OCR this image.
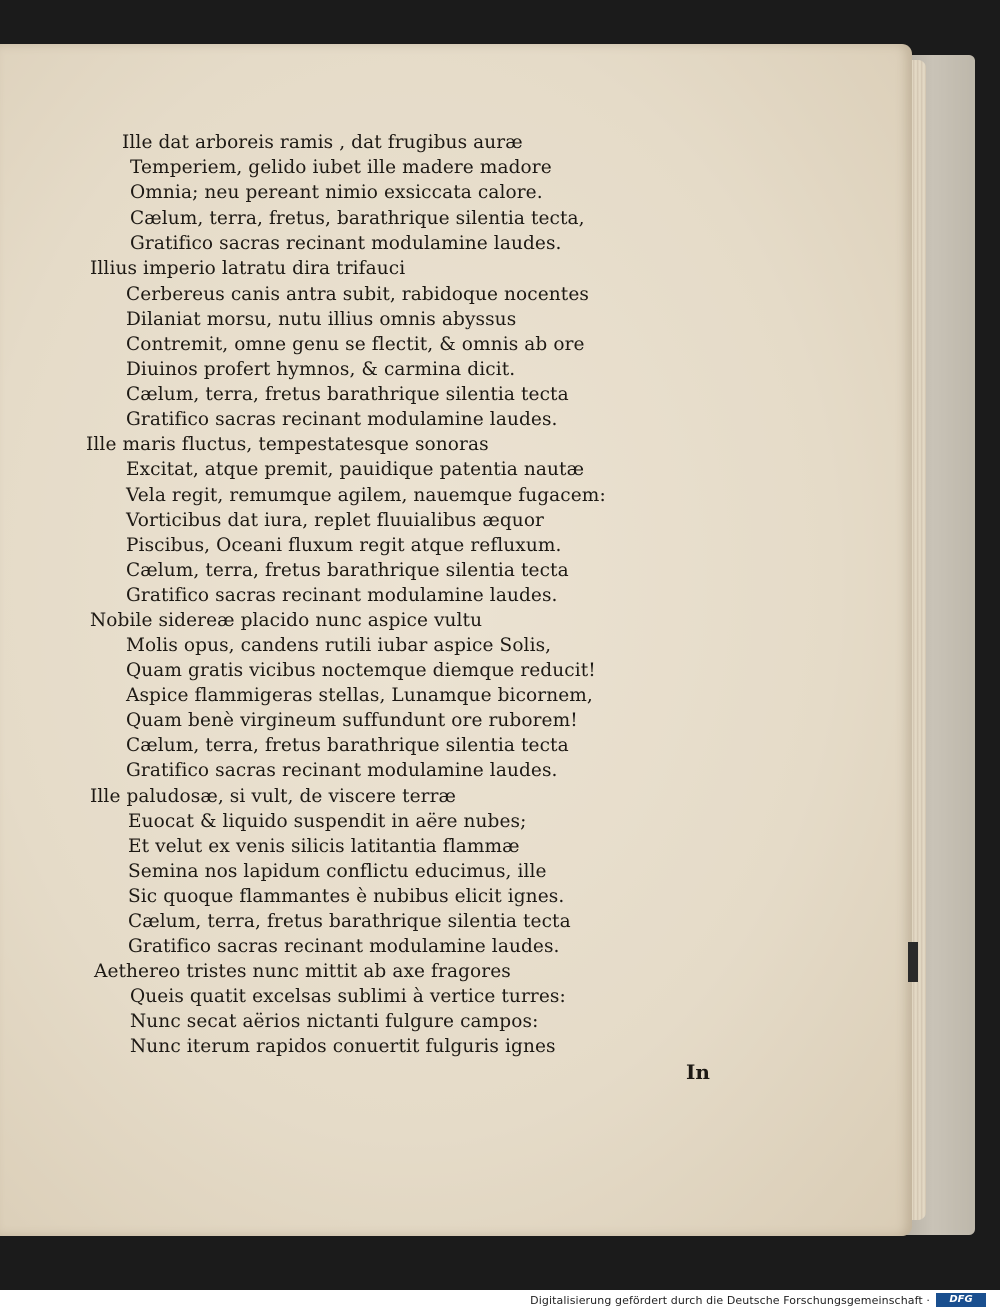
Ille dat arboreis ramis , dat frugibus auræ
Temperiem, gelido iubet ille madere madore
Omnia; neu pereant nimio exsiccata calore.
Cælum, terra, fretus, barathrique silentia tecta,
Gratifico sacras recinant modulamine laudes.
Illius imperio latratu dira trifauci
Cerbereus canis antra subit, rabidoque nocentes
Dilaniat morsu, nutu illius omnis abyssus
Contremit, omne genu se flectit, & omnis ab ore
Diuinos profert hymnos, & carmina dicit.
Cælum, terra, fretus barathrique silentia tecta
Gratifico sacras recinant modulamine laudes.
Ille maris fluctus, tempestatesque sonoras
Excitat, atque premit, pauidique patentia nautæ
Vela regit, remumque agilem, nauemque fugacem:
Vorticibus dat iura, replet fluuialibus æquor
Piscibus, Oceani fluxum regit atque refluxum.
Cælum, terra, fretus barathrique silentia tecta
Gratifico sacras recinant modulamine laudes.
Nobile sidereæ placido nunc aspice vultu
Molis opus, candens rutili iubar aspice Solis,
Quam gratis vicibus noctemque diemque reducit!
Aspice flammigeras stellas, Lunamque bicornem,
Quam benè virgineum suffundunt ore ruborem!
Cælum, terra, fretus barathrique silentia tecta
Gratifico sacras recinant modulamine laudes.
Ille paludosæ, si vult, de viscere terræ
Euocat & liquido suspendit in aëre nubes;
Et velut ex venis silicis latitantia flammæ
Semina nos lapidum conflictu educimus, ille
Sic quoque flammantes è nubibus elicit ignes.
Cælum, terra, fretus barathrique silentia tecta
Gratifico sacras recinant modulamine laudes.
Aethereo tristes nunc mittit ab axe fragores
Queis quatit excelsas sublimi à vertice turres:
Nunc secat aërios nictanti fulgure campos:
Nunc iterum rapidos conuertit fulguris ignes
In
Digitalisierung gefördert durch die Deutsche Forschungsgemeinschaft ·	DFG
